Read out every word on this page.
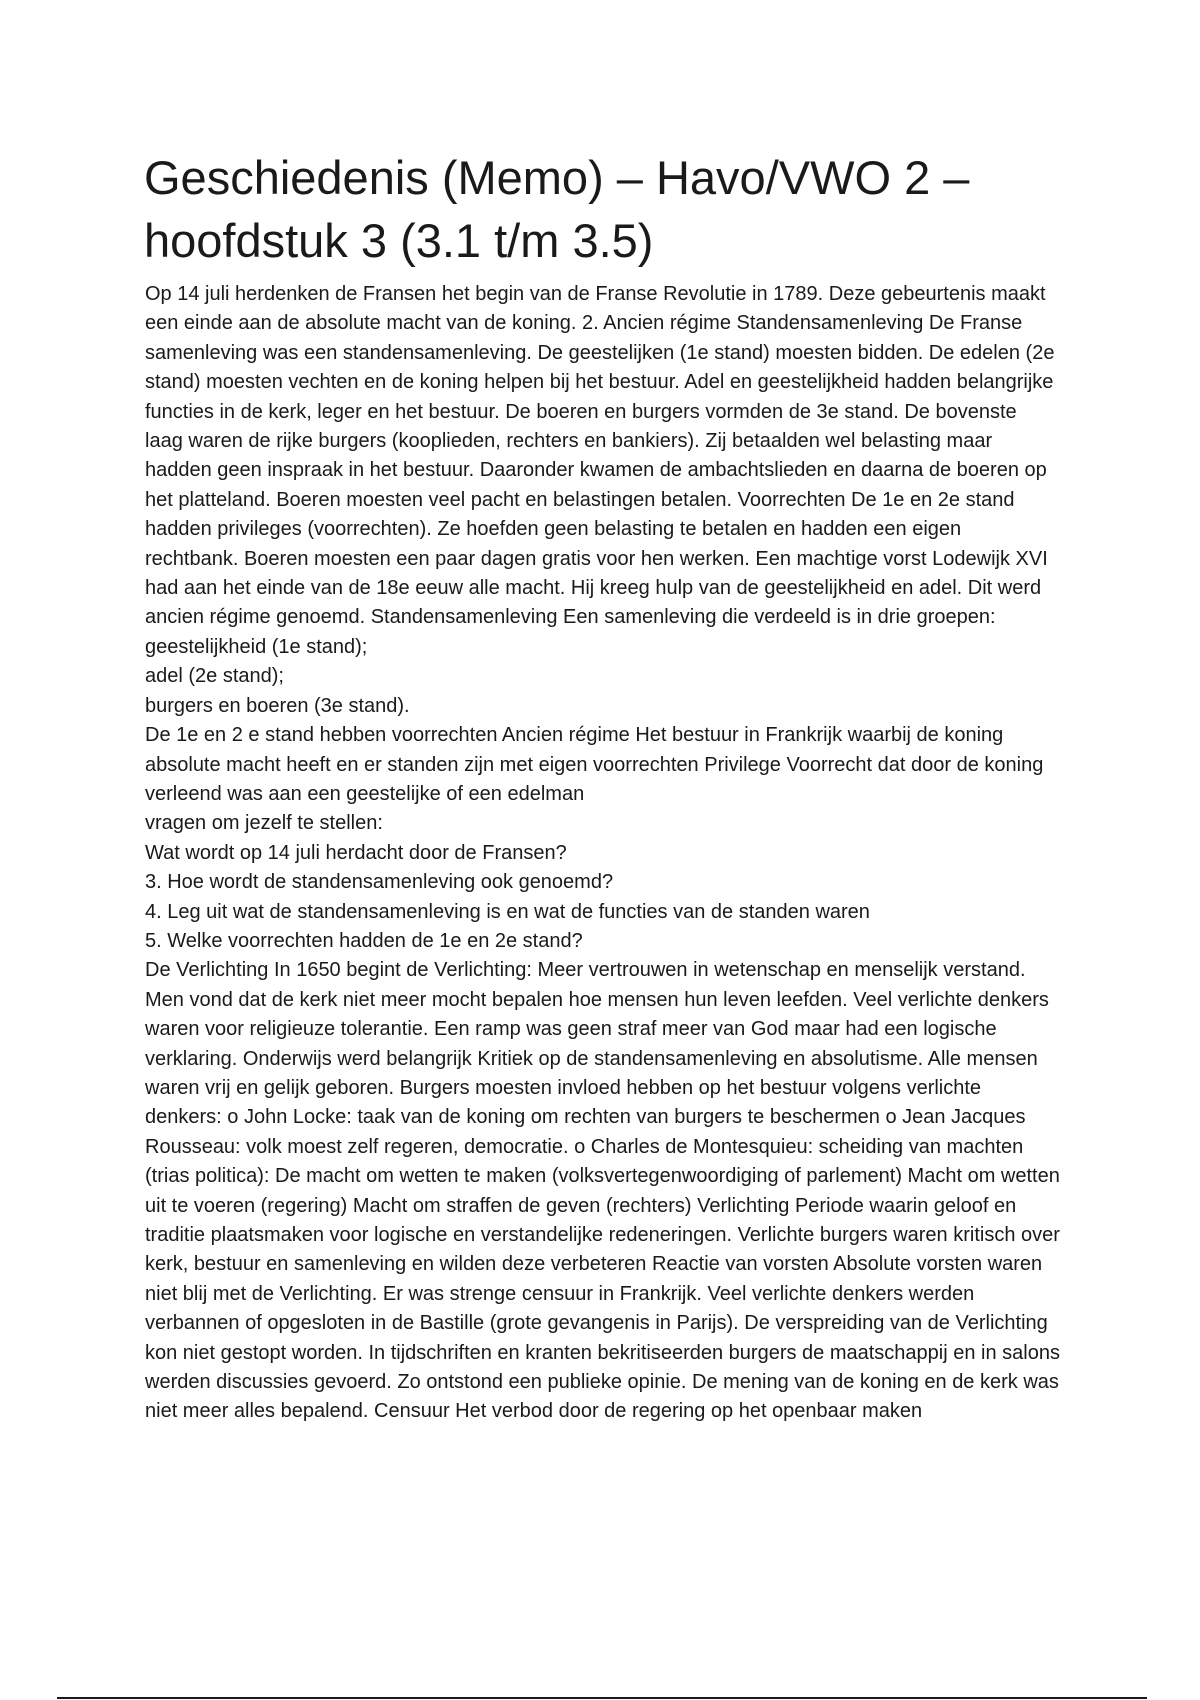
Geschiedenis (Memo) – Havo/VWO 2 – hoofdstuk 3 (3.1 t/m 3.5)

Op 14 juli herdenken de Fransen het begin van de Franse Revolutie in 1789. Deze gebeurtenis maakt een einde aan de absolute macht van de koning. 2. Ancien régime Standensamenleving De Franse samenleving was een standensamenleving. De geestelijken (1e stand) moesten bidden. De edelen (2e stand) moesten vechten en de koning helpen bij het bestuur. Adel en geestelijkheid hadden belangrijke functies in de kerk, leger en het bestuur. De boeren en burgers vormden de 3e stand. De bovenste laag waren de rijke burgers (kooplieden, rechters en bankiers). Zij betaalden wel belasting maar hadden geen inspraak in het bestuur. Daaronder kwamen de ambachtslieden en daarna de boeren op het platteland. Boeren moesten veel pacht en belastingen betalen. Voorrechten De 1e en 2e stand hadden privileges (voorrechten). Ze hoefden geen belasting te betalen en hadden een eigen rechtbank. Boeren moesten een paar dagen gratis voor hen werken. Een machtige vorst Lodewijk XVI had aan het einde van de 18e eeuw alle macht. Hij kreeg hulp van de geestelijkheid en adel. Dit werd ancien régime genoemd. Standensamenleving Een samenleving die verdeeld is in drie groepen:

geestelijkheid (1e stand);

adel (2e stand);

burgers en boeren (3e stand).

De 1e en 2 e stand hebben voorrechten Ancien régime Het bestuur in Frankrijk waarbij de koning absolute macht heeft en er standen zijn met eigen voorrechten Privilege Voorrecht dat door de koning verleend was aan een geestelijke of een edelman

vragen om jezelf te stellen:

Wat wordt op 14 juli herdacht door de Fransen?

3. Hoe wordt de standensamenleving ook genoemd?

4. Leg uit wat de standensamenleving is en wat de functies van de standen waren

5. Welke voorrechten hadden de 1e en 2e stand?

De Verlichting In 1650 begint de Verlichting: Meer vertrouwen in wetenschap en menselijk verstand. Men vond dat de kerk niet meer mocht bepalen hoe mensen hun leven leefden. Veel verlichte denkers waren voor religieuze tolerantie. Een ramp was geen straf meer van God maar had een logische verklaring. Onderwijs werd belangrijk Kritiek op de standensamenleving en absolutisme. Alle mensen waren vrij en gelijk geboren. Burgers moesten invloed hebben op het bestuur volgens verlichte denkers: o John Locke: taak van de koning om rechten van burgers te beschermen o Jean Jacques Rousseau: volk moest zelf regeren, democratie. o Charles de Montesquieu: scheiding van machten (trias politica): De macht om wetten te maken (volksvertegenwoordiging of parlement) Macht om wetten uit te voeren (regering) Macht om straffen de geven (rechters) Verlichting Periode waarin geloof en traditie plaatsmaken voor logische en verstandelijke redeneringen. Verlichte burgers waren kritisch over kerk, bestuur en samenleving en wilden deze verbeteren Reactie van vorsten Absolute vorsten waren niet blij met de Verlichting. Er was strenge censuur in Frankrijk. Veel verlichte denkers werden verbannen of opgesloten in de Bastille (grote gevangenis in Parijs). De verspreiding van de Verlichting kon niet gestopt worden. In tijdschriften en kranten bekritiseerden burgers de maatschappij en in salons werden discussies gevoerd. Zo ontstond een publieke opinie. De mening van de koning en de kerk was niet meer alles bepalend. Censuur Het verbod door de regering op het openbaar maken
